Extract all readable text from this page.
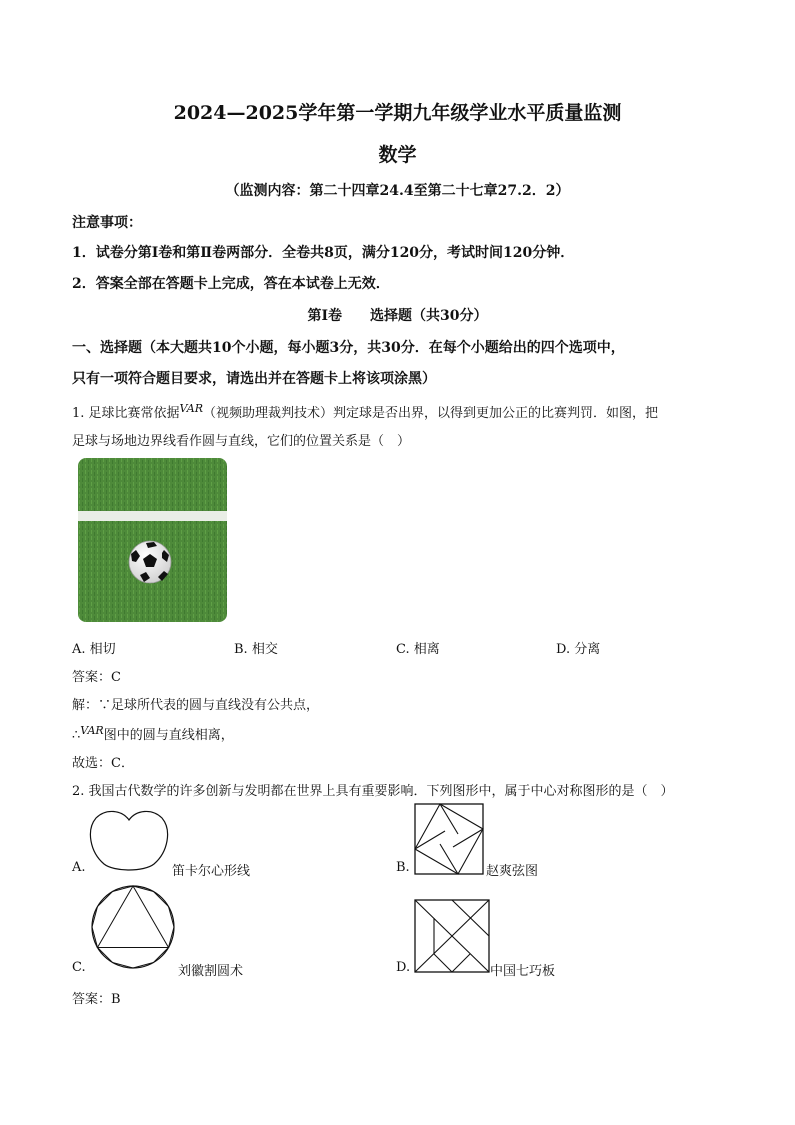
2024—2025学年第一学期九年级学业水平质量监测
数学
（监测内容：第二十四章24.4至第二十七章27.2．2）
注意事项：
1．试卷分第Ⅰ卷和第Ⅱ卷两部分．全卷共8页，满分120分，考试时间120分钟．
2．答案全部在答题卡上完成，答在本试卷上无效．
第Ⅰ卷　　选择题（共30分）
一、选择题（本大题共10个小题，每小题3分，共30分．在每个小题给出的四个选项中，
只有一项符合题目要求，请选出并在答题卡上将该项涂黑）
1. 足球比赛常依据$^{VAR}$（视频助理裁判技术）判定球是否出界，以得到更加公正的比赛判罚．如图，把
足球与场地边界线看作圆与直线，它们的位置关系是（　）
A. 相切	B. 相交	C. 相离	D. 分离
答案：C
解：∵足球所代表的圆与直线没有公共点，
∴$^{VAR}$图中的圆与直线相离，
故选：C．
2. 我国古代数学的许多创新与发明都在世界上具有重要影响．下列图形中，属于中心对称图形的是（　）
A.	笛卡尔心形线	B.	赵爽弦图
C.	刘徽割圆术	D.	中国七巧板
答案：B
